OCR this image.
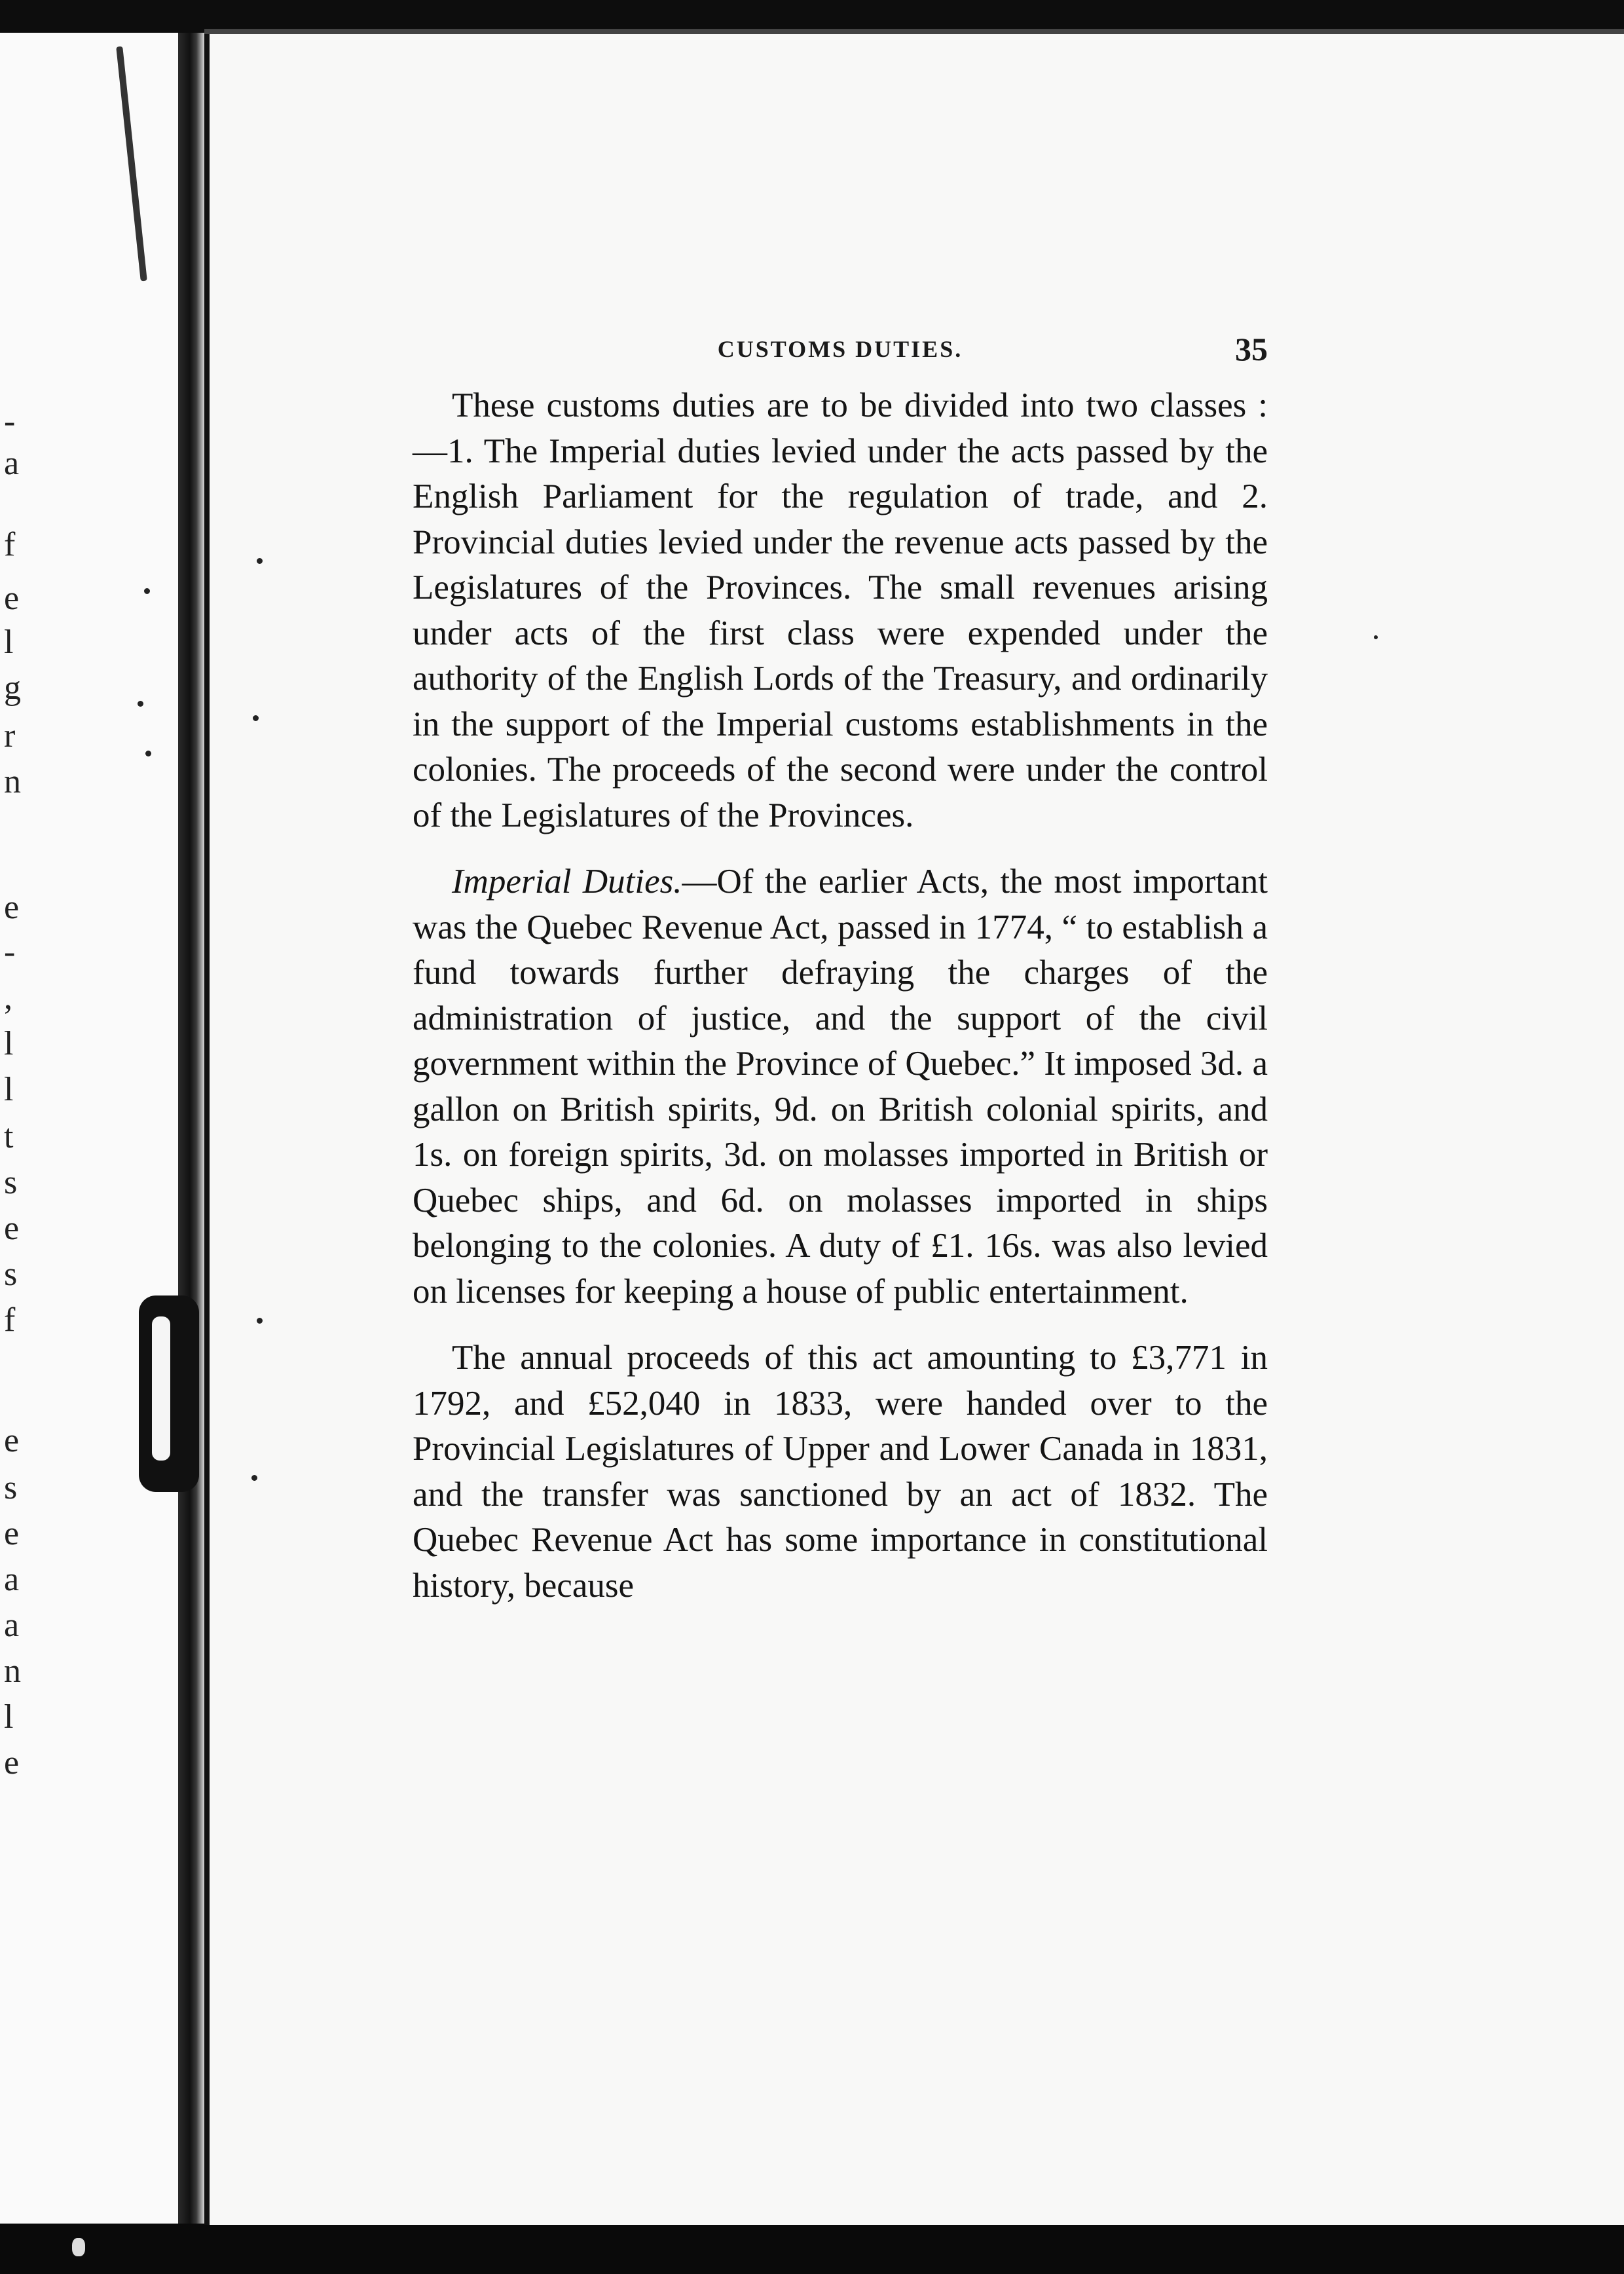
-
a
f
e
l
g
r
n
e
-
,
l
l
t
s
e
s
f
e
s
e
a
a
n
l
e
CUSTOMS DUTIES.	35

These customs duties are to be divided into two classes :—1. The Imperial duties levied under the acts passed by the English Parliament for the regulation of trade, and 2. Provincial duties levied under the revenue acts passed by the Legislatures of the Provinces. The small revenues arising under acts of the first class were expended under the authority of the English Lords of the Treasury, and ordinarily in the support of the Imperial customs establishments in the colonies. The proceeds of the second were under the control of the Legislatures of the Provinces.

Imperial Duties.—Of the earlier Acts, the most important was the Quebec Revenue Act, passed in 1774, “ to establish a fund towards further defraying the charges of the administration of justice, and the support of the civil government within the Province of Quebec.” It imposed 3d. a gallon on British spirits, 9d. on British colonial spirits, and 1s. on foreign spirits, 3d. on molasses imported in British or Quebec ships, and 6d. on molasses imported in ships belonging to the colonies. A duty of £1. 16s. was also levied on licenses for keeping a house of public entertainment.

The annual proceeds of this act amounting to £3,771 in 1792, and £52,040 in 1833, were handed over to the Provincial Legislatures of Upper and Lower Canada in 1831, and the transfer was sanctioned by an act of 1832. The Quebec Revenue Act has some importance in constitutional history, because
